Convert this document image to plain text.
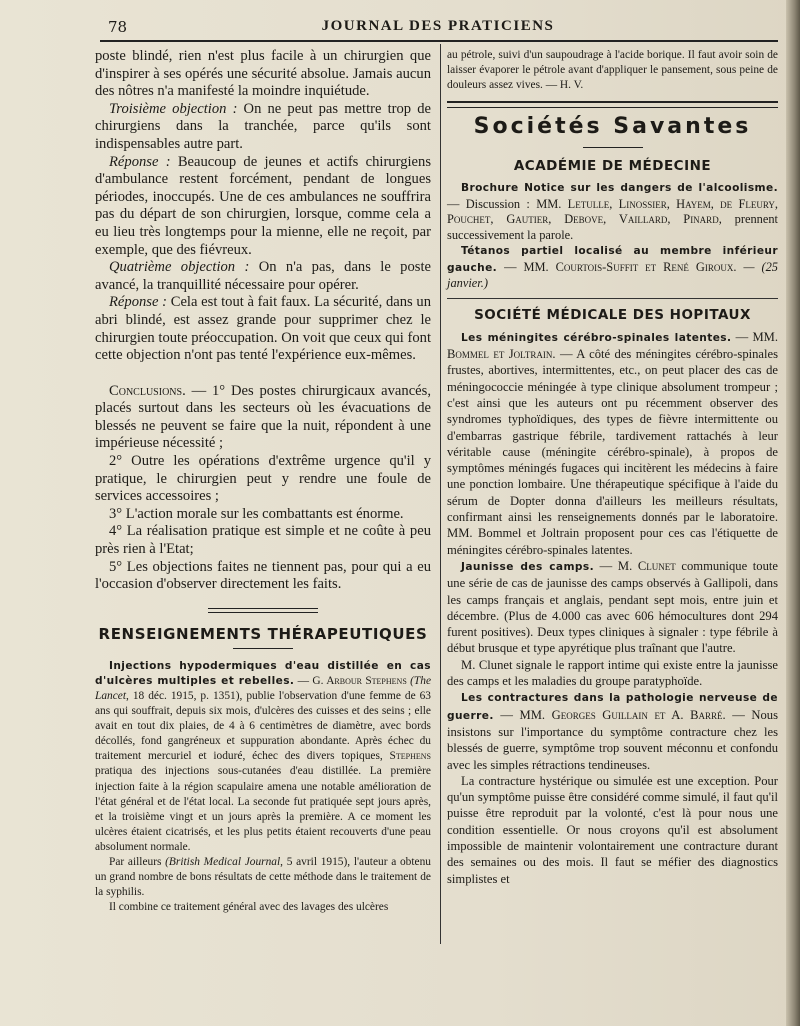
78	JOURNAL DES PRATICIENS

poste blindé, rien n'est plus facile à un chirurgien que d'inspirer à ses opérés une sécurité absolue. Jamais aucun des nôtres n'a manifesté la moindre inquiétude.

Troisième objection : On ne peut pas mettre trop de chirurgiens dans la tranchée, parce qu'ils sont indispensables autre part.

Réponse : Beaucoup de jeunes et actifs chirurgiens d'ambulance restent forcément, pendant de longues périodes, inoccupés. Une de ces ambulances ne souffrira pas du départ de son chirurgien, lorsque, comme cela a eu lieu très longtemps pour la mienne, elle ne reçoit, par exemple, que des fiévreux.

Quatrième objection : On n'a pas, dans le poste avancé, la tranquillité nécessaire pour opérer.

Réponse : Cela est tout à fait faux. La sécurité, dans un abri blindé, est assez grande pour supprimer chez le chirurgien toute préoccupation. On voit que ceux qui font cette objection n'ont pas tenté l'expérience eux-mêmes.

Conclusions. — 1° Des postes chirurgicaux avancés, placés surtout dans les secteurs où les évacuations de blessés ne peuvent se faire que la nuit, répondent à une impérieuse nécessité ;

2° Outre les opérations d'extrême urgence qu'il y pratique, le chirurgien peut y rendre une foule de services accessoires ;

3° L'action morale sur les combattants est énorme.

4° La réalisation pratique est simple et ne coûte à peu près rien à l'Etat;

5° Les objections faites ne tiennent pas, pour qui a eu l'occasion d'observer directement les faits.

RENSEIGNEMENTS THÉRAPEUTIQUES

Injections hypodermiques d'eau distillée en cas d'ulcères multiples et rebelles. — G. Arbour Stephens (The Lancet, 18 déc. 1915, p. 1351), publie l'observation d'une femme de 63 ans qui souffrait, depuis six mois, d'ulcères des cuisses et des seins ; elle avait en tout dix plaies, de 4 à 6 centimètres de diamètre, avec bords décollés, fond gangréneux et suppuration abondante. Après échec du traitement mercuriel et ioduré, échec des divers topiques, Stephens pratiqua des injections sous-cutanées d'eau distillée. La première injection faite à la région scapulaire amena une notable amélioration de l'état général et de l'état local. La seconde fut pratiquée sept jours après, et la troisième vingt et un jours après la première. A ce moment les ulcères étaient cicatrisés, et les plus petits étaient recouverts d'une peau absolument normale.

Par ailleurs (British Medical Journal, 5 avril 1915), l'auteur a obtenu un grand nombre de bons résultats de cette méthode dans le traitement de la syphilis.

Il combine ce traitement général avec des lavages des ulcères

au pétrole, suivi d'un saupoudrage à l'acide borique. Il faut avoir soin de laisser évaporer le pétrole avant d'appliquer le pansement, sous peine de douleurs assez vives. — H. V.

Sociétés Savantes
ACADÉMIE DE MÉDECINE

Brochure Notice sur les dangers de l'alcoolisme. — Discussion : MM. Letulle, Linossier, Hayem, de Fleury, Pouchet, Gautier, Debove, Vaillard, Pinard, prennent successivement la parole.

Tétanos partiel localisé au membre inférieur gauche. — MM. Courtois-Suffit et René Giroux. — (25 janvier.)

SOCIÉTÉ MÉDICALE DES HOPITAUX

Les méningites cérébro-spinales latentes. — MM. Bommel et Joltrain. — A côté des méningites cérébro-spinales frustes, abortives, intermittentes, etc., on peut placer des cas de méningococcie méningée à type clinique absolument trompeur ; c'est ainsi que les auteurs ont pu récemment observer des syndromes typhoïdiques, des types de fièvre intermittente ou d'embarras gastrique fébrile, tardivement rattachés à leur véritable cause (méningite cérébro-spinale), à propos de symptômes méningés fugaces qui incitèrent les médecins à faire une ponction lombaire. Une thérapeutique spécifique à l'aide du sérum de Dopter donna d'ailleurs les meilleurs résultats, confirmant ainsi les renseignements donnés par le laboratoire. MM. Bommel et Joltrain proposent pour ces cas l'étiquette de méningites cérébro-spinales latentes.

Jaunisse des camps. — M. Clunet communique toute une série de cas de jaunisse des camps observés à Gallipoli, dans les camps français et anglais, pendant sept mois, entre juin et décembre. (Plus de 4.000 cas avec 606 hémocultures dont 294 furent positives). Deux types cliniques à signaler : type fébrile à début brusque et type apyrétique plus traînant que l'autre.

M. Clunet signale le rapport intime qui existe entre la jaunisse des camps et les maladies du groupe paratyphoïde.

Les contractures dans la pathologie nerveuse de guerre. — MM. Georges Guillain et A. Barré. — Nous insistons sur l'importance du symptôme contracture chez les blessés de guerre, symptôme trop souvent méconnu et confondu avec les simples rétractions tendineuses.

La contracture hystérique ou simulée est une exception. Pour qu'un symptôme puisse être considéré comme simulé, il faut qu'il puisse être reproduit par la volonté, c'est là pour nous une condition essentielle. Or nous croyons qu'il est absolument impossible de maintenir volontairement une contracture durant des semaines ou des mois. Il faut se méfier des diagnostics simplistes et
